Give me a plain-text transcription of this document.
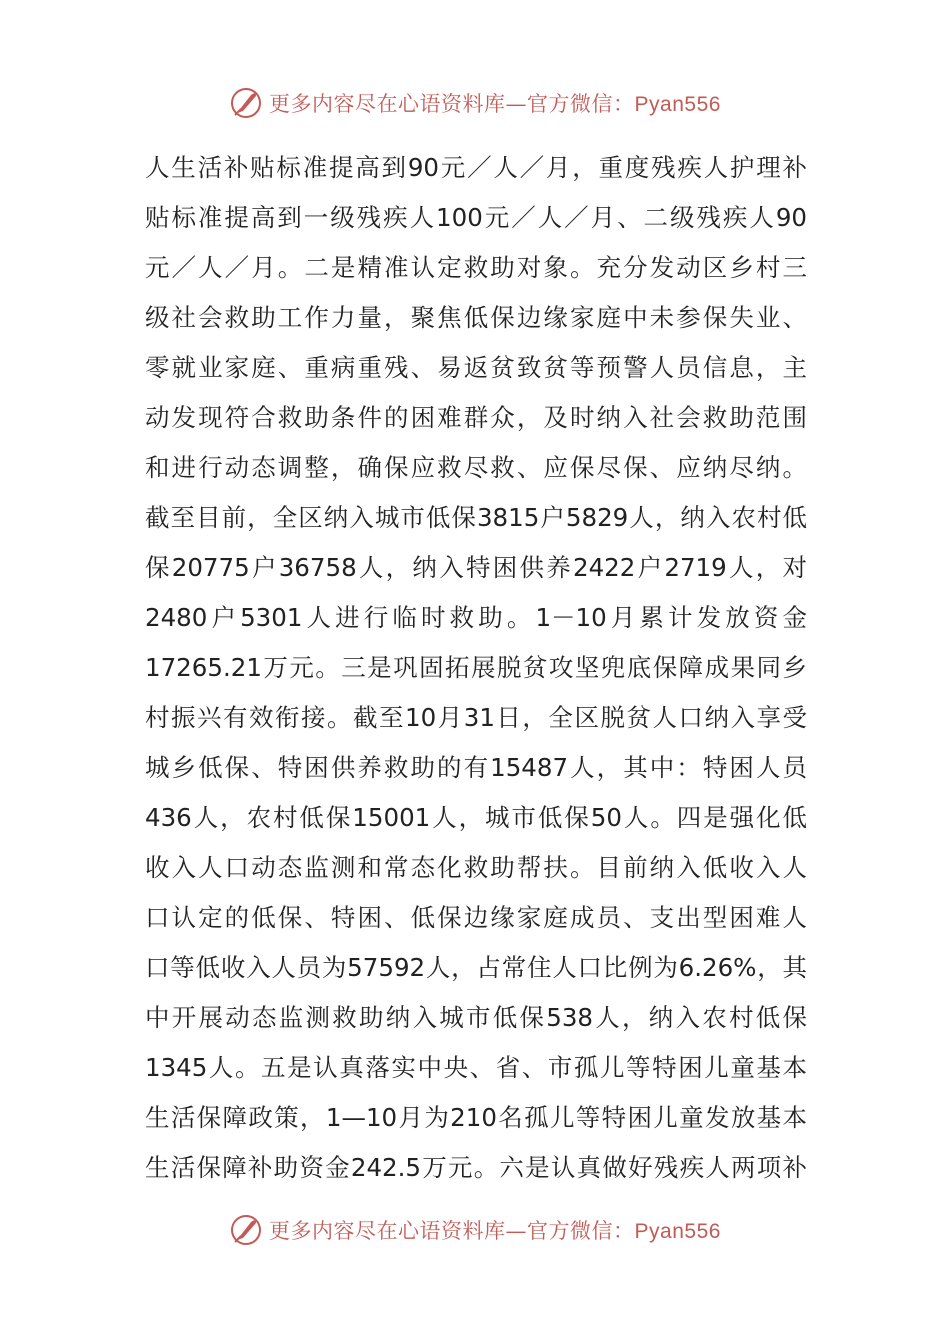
更多内容尽在心语资料库—官方微信：Pyan556
人生活补贴标准提高到90元／人／月，重度残疾人护理补
贴标准提高到一级残疾人100元／人／月、二级残疾人90
元／人／月。二是精准认定救助对象。充分发动区乡村三
级社会救助工作力量，聚焦低保边缘家庭中未参保失业、
零就业家庭、重病重残、易返贫致贫等预警人员信息，主
动发现符合救助条件的困难群众，及时纳入社会救助范围
和进行动态调整，确保应救尽救、应保尽保、应纳尽纳。
截至目前，全区纳入城市低保3815户5829人，纳入农村低
保20775户36758人，纳入特困供养2422户2719人，对
2480户5301人进行临时救助。1－10月累计发放资金
17265.21万元。三是巩固拓展脱贫攻坚兜底保障成果同乡
村振兴有效衔接。截至10月31日，全区脱贫人口纳入享受
城乡低保、特困供养救助的有15487人，其中：特困人员
436人，农村低保15001人，城市低保50人。四是强化低
收入人口动态监测和常态化救助帮扶。目前纳入低收入人
口认定的低保、特困、低保边缘家庭成员、支出型困难人
口等低收入人员为57592人，占常住人口比例为6.26%，其
中开展动态监测救助纳入城市低保538人，纳入农村低保
1345人。五是认真落实中央、省、市孤儿等特困儿童基本
生活保障政策，1—10月为210名孤儿等特困儿童发放基本
生活保障补助资金242.5万元。六是认真做好残疾人两项补
更多内容尽在心语资料库—官方微信：Pyan556
